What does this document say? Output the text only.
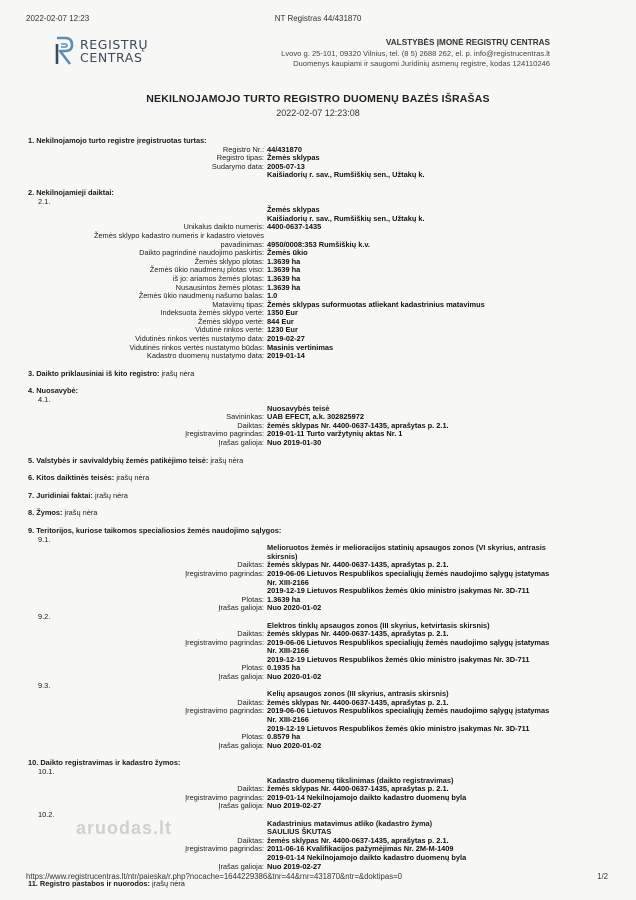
2022-02-07 12:23	NT Registras 44/431870
REGISTRŲ
CENTRAS
VALSTYBĖS ĮMONĖ REGISTRŲ CENTRAS
Lvovo g. 25-101, 09320 Vilnius, tel. (8 5) 2688 262, el. p. info@registrucentras.lt
Duomenys kaupiami ir saugomi Juridinių asmenų registre, kodas 124110246
NEKILNOJAMOJO TURTO REGISTRO DUOMENŲ BAZĖS IŠRAŠAS
2022-02-07 12:23:08
1. Nekilnojamojo turto registre įregistruotas turtas:
Registro Nr.: 44/431870
Registro tipas: Žemės sklypas
Sudarymo data: 2005-07-13
Kaišiadorių r. sav., Rumšiškių sen., Užtakų k.
2. Nekilnojamieji daiktai:
2.1.
Žemės sklypas
Kaišiadorių r. sav., Rumšiškių sen., Užtakų k.
Unikalus daikto numeris: 4400-0637-1435
Žemės sklypo kadastro numeris ir kadastro vietovės
pavadinimas: 4950/0008:353 Rumšiškių k.v.
Daikto pagrindinė naudojimo paskirtis: Žemės ūkio
Žemės sklypo plotas: 1.3639 ha
Žemės ūkio naudmenų plotas viso: 1.3639 ha
iš jo: ariamos žemės plotas: 1.3639 ha
Nusausintos žemės plotas: 1.3639 ha
Žemės ūkio naudmenų našumo balas: 1.0
Matavimų tipas: Žemės sklypas suformuotas atliekant kadastrinius matavimus
Indeksuota žemės sklypo vertė: 1350 Eur
Žemės sklypo vertė: 844 Eur
Vidutinė rinkos vertė: 1230 Eur
Vidutinės rinkos vertės nustatymo data: 2019-02-27
Vidutinės rinkos vertės nustatymo būdas: Masinis vertinimas
Kadastro duomenų nustatymo data: 2019-01-14
3. Daikto priklausiniai iš kito registro: įrašų nėra
4. Nuosavybė:
4.1.
Nuosavybės teisė
Savininkas: UAB EFECT, a.k. 302825972
Daiktas: žemės sklypas Nr. 4400-0637-1435, aprašytas p. 2.1.
Įregistravimo pagrindas: 2019-01-11 Turto varžytynių aktas Nr. 1
Įrašas galioja: Nuo 2019-01-30
5. Valstybės ir savivaldybių žemės patikėjimo teisė: įrašų nėra
6. Kitos daiktinės teisės: įrašų nėra
7. Juridiniai faktai: įrašų nėra
8. Žymos: įrašų nėra
9. Teritorijos, kuriose taikomos specialiosios žemės naudojimo sąlygos:
9.1.
Melioruotos žemės ir melioracijos statinių apsaugos zonos (VI skyrius, antrasis
skirsnis)
Daiktas: žemės sklypas Nr. 4400-0637-1435, aprašytas p. 2.1.
Įregistravimo pagrindas: 2019-06-06 Lietuvos Respublikos specialiųjų žemės naudojimo sąlygų įstatymas
Nr. XIII-2166
2019-12-19 Lietuvos Respublikos žemės ūkio ministro įsakymas Nr. 3D-711
Plotas: 1.3639 ha
Įrašas galioja: Nuo 2020-01-02
9.2.
Elektros tinklų apsaugos zonos (III skyrius, ketvirtasis skirsnis)
Daiktas: žemės sklypas Nr. 4400-0637-1435, aprašytas p. 2.1.
Įregistravimo pagrindas: 2019-06-06 Lietuvos Respublikos specialiųjų žemės naudojimo sąlygų įstatymas
Nr. XIII-2166
2019-12-19 Lietuvos Respublikos žemės ūkio ministro įsakymas Nr. 3D-711
Plotas: 0.1935 ha
Įrašas galioja: Nuo 2020-01-02
9.3.
Kelių apsaugos zonos (III skyrius, antrasis skirsnis)
Daiktas: žemės sklypas Nr. 4400-0637-1435, aprašytas p. 2.1.
Įregistravimo pagrindas: 2019-06-06 Lietuvos Respublikos specialiųjų žemės naudojimo sąlygų įstatymas
Nr. XIII-2166
2019-12-19 Lietuvos Respublikos žemės ūkio ministro įsakymas Nr. 3D-711
Plotas: 0.8579 ha
Įrašas galioja: Nuo 2020-01-02
10. Daikto registravimas ir kadastro žymos:
10.1.
Kadastro duomenų tikslinimas (daikto registravimas)
Daiktas: žemės sklypas Nr. 4400-0637-1435, aprašytas p. 2.1.
Įregistravimo pagrindas: 2019-01-14 Nekilnojamojo daikto kadastro duomenų byla
Įrašas galioja: Nuo 2019-02-27
10.2.
Kadastrinius matavimus atliko (kadastro žyma)
SAULIUS ŠKUTAS
Daiktas: žemės sklypas Nr. 4400-0637-1435, aprašytas p. 2.1.
Įregistravimo pagrindas: 2011-06-16 Kvalifikacijos pažymėjimas Nr. 2M-M-1409
2019-01-14 Nekilnojamojo daikto kadastro duomenų byla
Įrašas galioja: Nuo 2019-02-27
11. Registro pastabos ir nuorodos: įrašų nėra
aruodas.lt
https://www.registrucentras.lt/ntr/paieska/r.php?nocache=1644229386&tnr=44&rnr=431870&ntr=&doktipas=0	1/2
